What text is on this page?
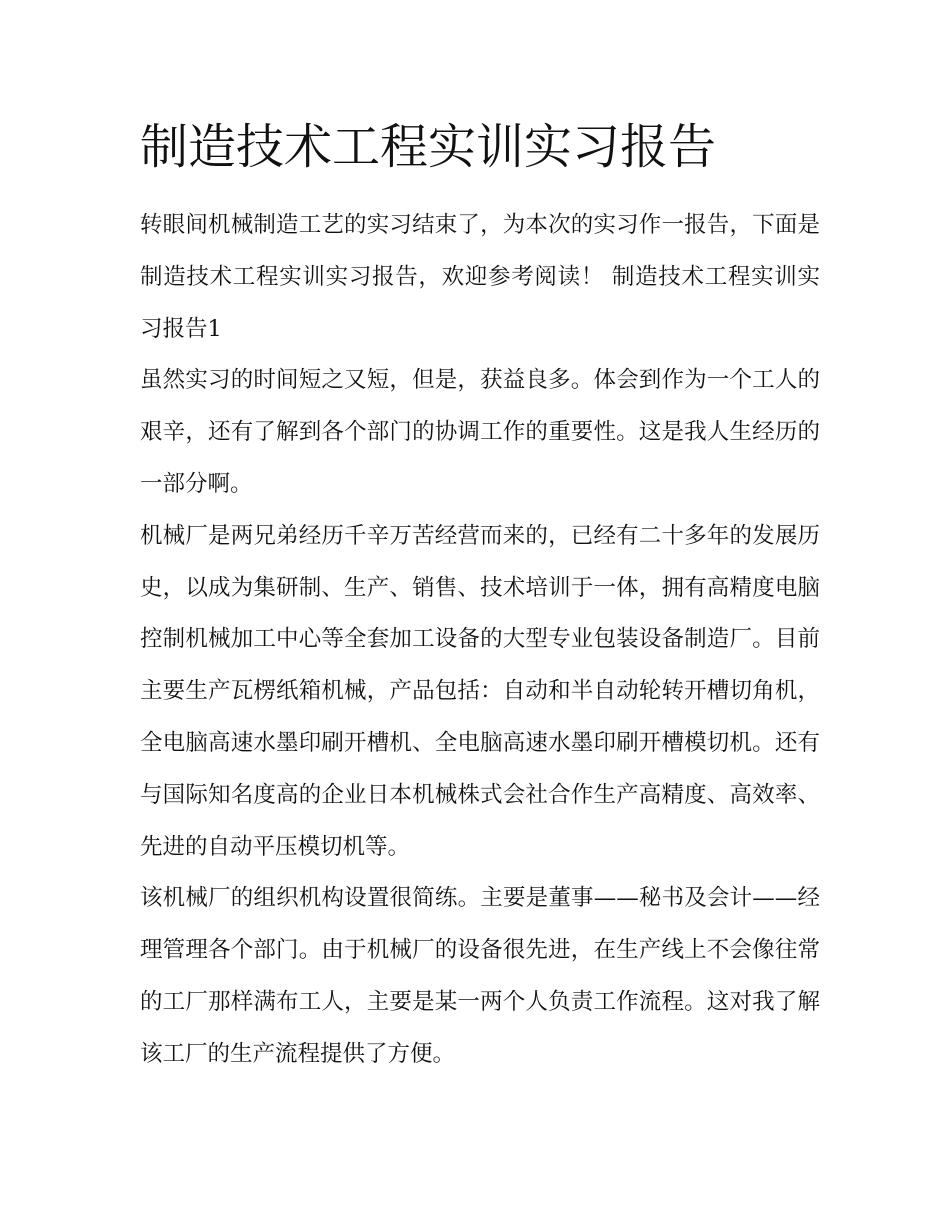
制造技术工程实训实习报告

转眼间机械制造工艺的实习结束了，为本次的实习作一报告，下面是制造技术工程实训实习报告，欢迎参考阅读！ 制造技术工程实训实习报告1

虽然实习的时间短之又短，但是，获益良多。体会到作为一个工人的艰辛，还有了解到各个部门的协调工作的重要性。这是我人生经历的一部分啊。

机械厂是两兄弟经历千辛万苦经营而来的，已经有二十多年的发展历史，以成为集研制、生产、销售、技术培训于一体，拥有高精度电脑控制机械加工中心等全套加工设备的大型专业包装设备制造厂。目前主要生产瓦楞纸箱机械，产品包括：自动和半自动轮转开槽切角机，全电脑高速水墨印刷开槽机、全电脑高速水墨印刷开槽模切机。还有与国际知名度高的企业日本机械株式会社合作生产高精度、高效率、先进的自动平压模切机等。

该机械厂的组织机构设置很简练。主要是董事——秘书及会计——经理管理各个部门。由于机械厂的设备很先进，在生产线上不会像往常的工厂那样满布工人，主要是某一两个人负责工作流程。这对我了解该工厂的生产流程提供了方便。
